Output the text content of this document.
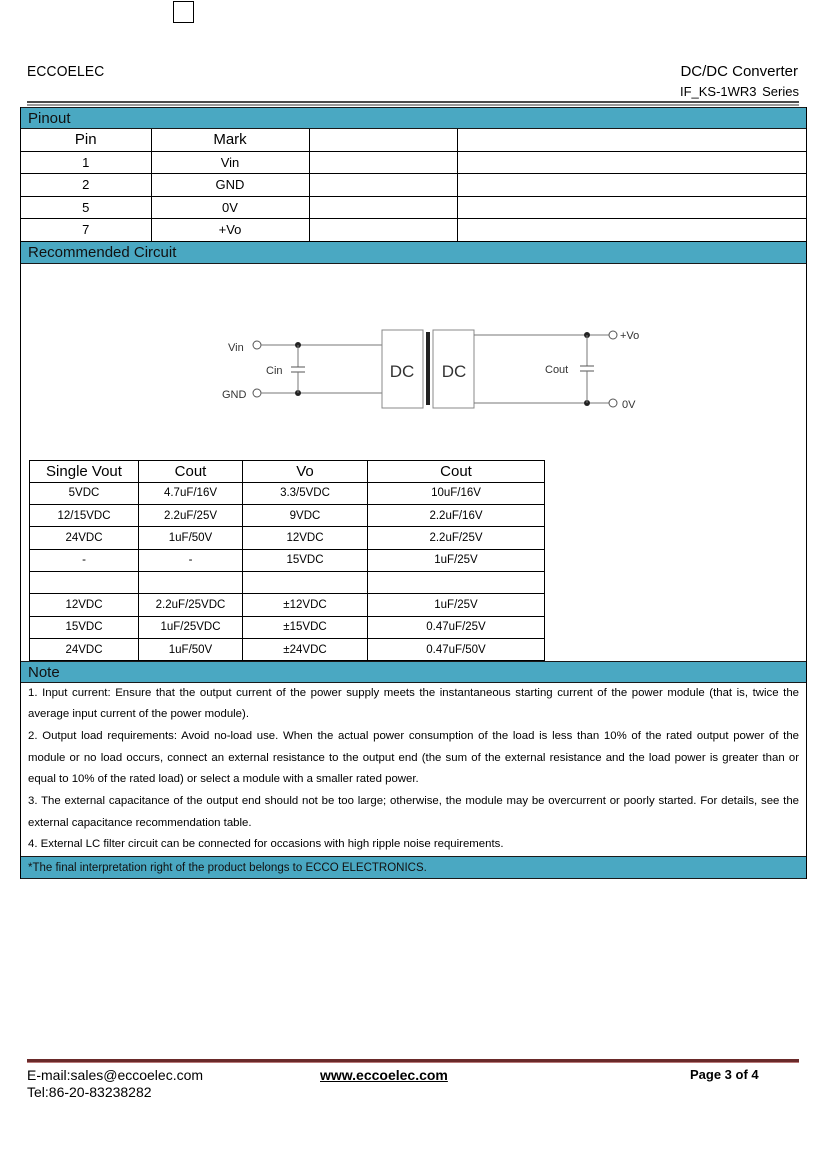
ECCOELEC	DC/DC Converter
IF_KS-1WR3 Series
Pinout
Pin	Mark		
1	Vin		
2	GND		
5	0V		
7	+Vo		
Recommended Circuit
Vin
GND
Cin	DC DC	Cout
+Vo
0V
Single Vout	Cout	Vo	Cout
5VDC	4.7uF/16V	3.3/5VDC	10uF/16V
12/15VDC	2.2uF/25V	9VDC	2.2uF/16V
24VDC	1uF/50V	12VDC	2.2uF/25V
-	-	15VDC	1uF/25V

12VDC	2.2uF/25VDC	±12VDC	1uF/25V
15VDC	1uF/25VDC	±15VDC	0.47uF/25V
24VDC	1uF/50V	±24VDC	0.47uF/50V
Note

1. Input current: Ensure that the output current of the power supply meets the instantaneous starting current of the power module (that is, twice the average input current of the power module).

2. Output load requirements: Avoid no-load use. When the actual power consumption of the load is less than 10% of the rated output power of the module or no load occurs, connect an external resistance to the output end (the sum of the external resistance and the load power is greater than or equal to 10% of the rated load) or select a module with a smaller rated power.

3. The external capacitance of the output end should not be too large; otherwise, the module may be overcurrent or poorly started. For details, see the external capacitance recommendation table.

4. External LC filter circuit can be connected for occasions with high ripple noise requirements.

*The final interpretation right of the product belongs to ECCO ELECTRONICS.
E-mail:sales@eccoelec.com
Tel:86-20-83238282
www.eccoelec.com	Page 3 of 4
